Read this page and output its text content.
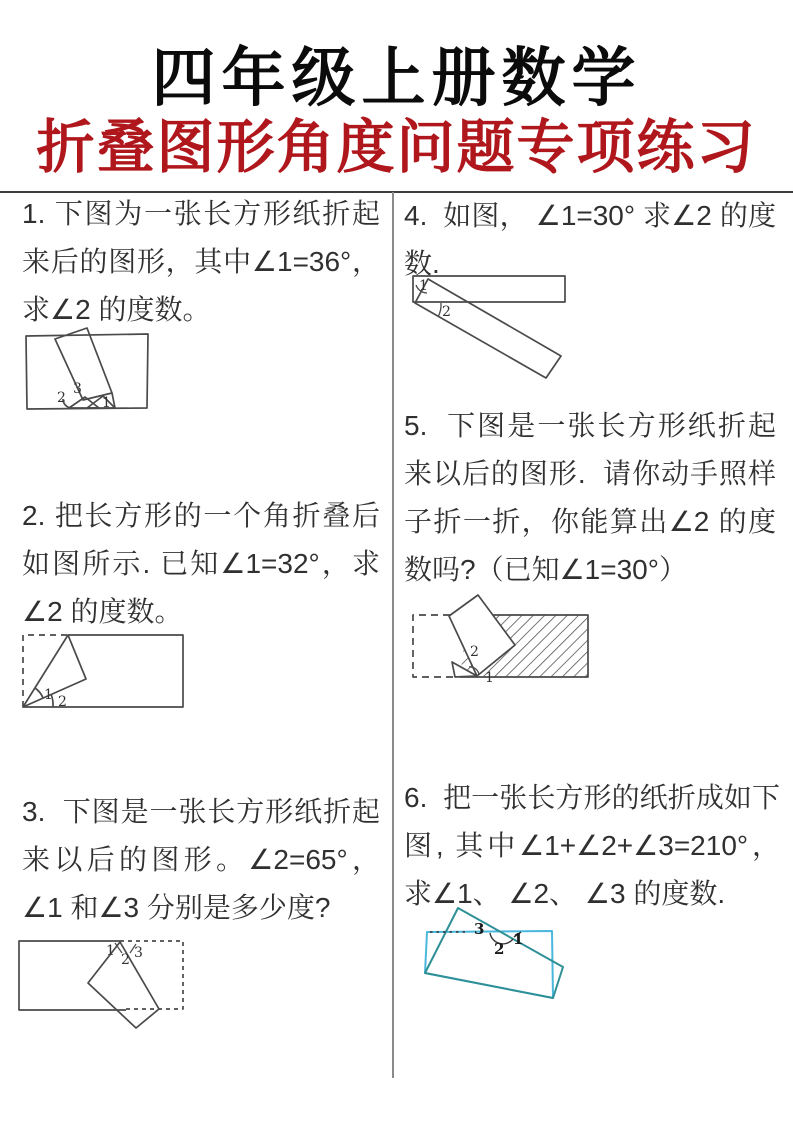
四年级上册数学
折叠图形角度问题专项练习

1. 下图为一张长方形纸折起来后的图形，其中∠1=36°，求∠2 的度数。

3
2	1

2. 把长方形的一个角折叠后如图所示. 已知∠1=32°，求∠2 的度数。

1 2

3.  下图是一张长方形纸折起来以后的图形。∠2=65°， ∠1 和∠3 分别是多少度?

1
2 3

4.  如图， ∠1=30° 求∠2 的度数.

1
2

5.  下图是一张长方形纸折起来以后的图形.  请你动手照样子折一折，你能算出∠2 的度数吗?（已知∠1=30°）

2
1

6.  把一张长方形的纸折成如下图, 其中∠1+∠2+∠3=210°， 求∠1、 ∠2、 ∠3 的度数.

3
2
1
